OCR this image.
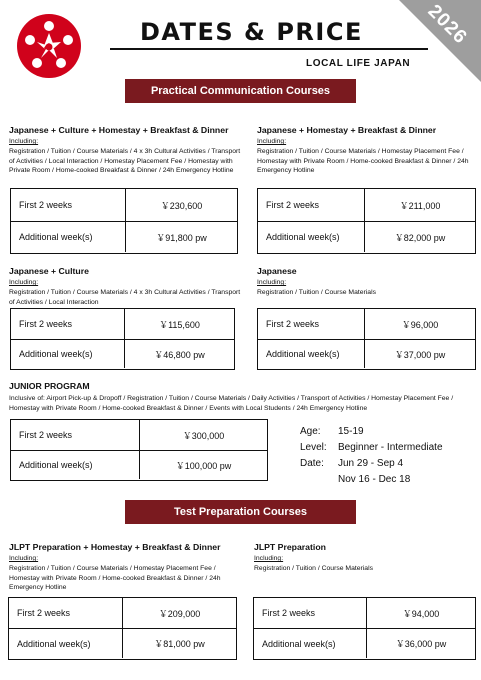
2026
DATES & PRICE
LOCAL LIFE JAPAN
Practical Communication Courses
Japanese + Culture + Homestay + Breakfast & Dinner
Including:
Registration / Tuition / Course Materials / 4 x 3h Cultural Activities / Transport of Activities / Local Interaction / Homestay Placement Fee / Homestay with Private Room / Home-cooked Breakfast & Dinner / 24h Emergency Hotline
First 2 weeks	￥230,600
Additional week(s)	￥91,800 pw
Japanese + Homestay + Breakfast & Dinner
Including:
Registration / Tuition / Course Materials / Homestay Placement Fee / Homestay with Private Room / Home-cooked Breakfast & Dinner / 24h Emergency Hotline
First 2 weeks	￥211,000
Additional week(s)	￥82,000 pw
Japanese + Culture
Including:
Registration / Tuition / Course Materials / 4 x 3h Cultural Activities / Transport of Activities / Local Interaction
First 2 weeks	￥115,600
Additional week(s)	￥46,800 pw
Japanese
Including:
Registration / Tuition / Course Materials
First 2 weeks	￥96,000
Additional week(s)	￥37,000 pw
JUNIOR PROGRAM
Inclusive of: Airport Pick-up & Dropoff / Registration / Tuition / Course Materials / Daily Activities / Transport of Activities / Homestay Placement Fee / Homestay with Private Room / Home-cooked Breakfast & Dinner / Events with Local Students / 24h Emergency Hotline
First 2 weeks	￥300,000
Additional week(s)	￥100,000 pw
Age:	15-19
Level:	Beginner - Intermediate
Date:	Jun 29 - Sep 4
Nov 16 - Dec 18
Test Preparation Courses
JLPT Preparation + Homestay + Breakfast & Dinner
Including:
Registration / Tuition / Course Materials / Homestay Placement Fee / Homestay with Private Room / Home-cooked Breakfast & Dinner / 24h Emergency Hotline
First 2 weeks	￥209,000
Additional week(s)	￥81,000 pw
JLPT Preparation
Including:
Registration / Tuition / Course Materials
First 2 weeks	￥94,000
Additional week(s)	￥36,000 pw
